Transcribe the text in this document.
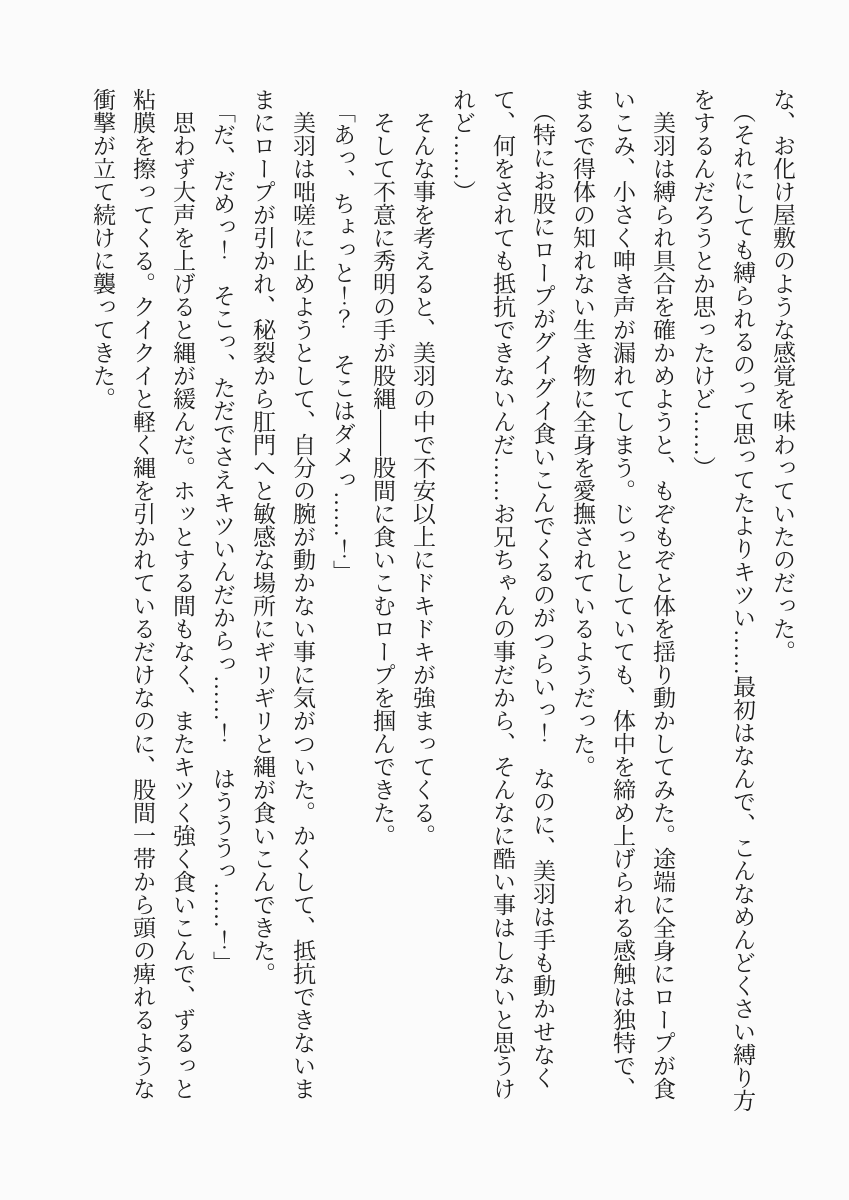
な、お化け屋敷のような感覚を味わっていたのだった。

（それにしても縛られるのって思ってたよりキツい……最初はなんで、こんなめんどくさい縛り方をするんだろうとか思ったけど……）

美羽は縛られ具合を確かめようと、もぞもぞと体を揺り動かしてみた。途端に全身にロープが食いこみ、小さく呻き声が漏れてしまう。じっとしていても、体中を締め上げられる感触は独特で、まるで得体の知れない生き物に全身を愛撫されているようだった。

（特にお股にロープがグイグイ食いこんでくるのがつらいっ！　なのに、美羽は手も動かせなくて、何をされても抵抗できないんだ……お兄ちゃんの事だから、そんなに酷い事はしないと思うけれど……）

そんな事を考えると、美羽の中で不安以上にドキドキが強まってくる。

そして不意に秀明の手が股縄――股間に食いこむロープを掴んできた。

「あっ、ちょっと！？　そこはダメっ……！」

美羽は咄嗟に止めようとして、自分の腕が動かない事に気がついた。かくして、抵抗できないままにロープが引かれ、秘裂から肛門へと敏感な場所にギリギリと縄が食いこんできた。

「だ、だめっ！　そこっ、ただでさえキツいんだからっ……！　はうううっ……！」

思わず大声を上げると縄が緩んだ。ホッとする間もなく、またキツく強く食いこんで、ずるっと粘膜を擦ってくる。クイクイと軽く縄を引かれているだけなのに、股間一帯から頭の痺れるような衝撃が立て続けに襲ってきた。
